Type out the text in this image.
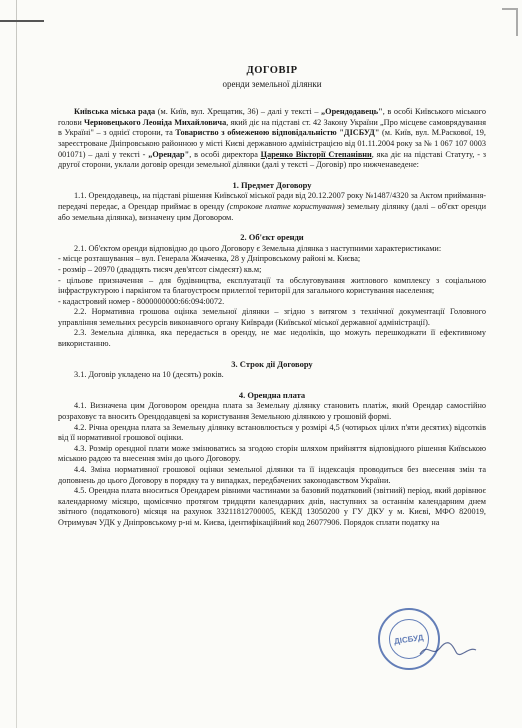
ДОГОВІР

оренди земельної ділянки

Київська міська рада (м. Київ, вул. Хрещатик, 36) – далі у тексті – „Орендодавець", в особі Київського міського голови Черновецького Леоніда Михайловича, який діє на підставі ст. 42 Закону України „Про місцеве самоврядування в Україні" – з однієї сторони, та Товариство з обмеженою відповідальністю "ДІСБУД" (м. Київ, вул. М.Раскової, 19, зареєстроване Дніпровською районною у місті Києві державною адміністрацією від 01.11.2004 року за № 1 067 107 0003 001071) – далі у тексті - „Орендар", в особі директора Царенко Вікторії Степанівни, яка діє на підставі Статуту, - з другої сторони, уклали договір оренди земельної ділянки (далі у тексті – Договір) про нижченаведене:

1. Предмет Договору

1.1. Орендодавець, на підставі рішення Київської міської ради від 20.12.2007 року №1487/4320 за Актом приймання-передачі передає, а Орендар приймає в оренду (строкове платне користування) земельну ділянку (далі – об'єкт оренди або земельна ділянка), визначену цим Договором.

2. Об'єкт оренди

2.1. Об'єктом оренди відповідно до цього Договору є Земельна ділянка з наступними характеристиками:

- місце розташування – вул. Генерала Жмаченка, 28 у Дніпровському районі м. Києва;

- розмір – 20970 (двадцять тисяч дев'ятсот сімдесят) кв.м;

- цільове призначення – для будівництва, експлуатації та обслуговування житлового комплексу з соціальною інфраструктурою і паркінгом та благоустроєм прилеглої території для загального користування населення;

- кадастровий номер - 8000000000:66:094:0072.

2.2. Нормативна грошова оцінка земельної ділянки – згідно з витягом з технічної документації Головного управління земельних ресурсів виконавчого органу Київради (Київської міської державної адміністрації).

2.3. Земельна ділянка, яка передається в оренду, не має недоліків, що можуть перешкоджати її ефективному використанню.

3. Строк дії Договору

3.1. Договір укладено на 10 (десять) років.

4. Орендна плата

4.1. Визначена цим Договором орендна плата за Земельну ділянку становить платіж, який Орендар самостійно розраховує та вносить Орендодавцеві за користування Земельною ділянкою у грошовій формі.

4.2. Річна орендна плата за Земельну ділянку встановлюється у розмірі 4,5 (чотирьох цілих п'яти десятих) відсотків від її нормативної грошової оцінки.

4.3. Розмір орендної плати може змінюватись за згодою сторін шляхом прийняття відповідного рішення Київською міською радою та внесення змін до цього Договору.

4.4. Зміна нормативної грошової оцінки земельної ділянки та її індексація проводиться без внесення змін та доповнень до цього Договору в порядку та у випадках, передбачених законодавством України.

4.5. Орендна плата вноситься Орендарем рівними частинами за базовий податковий (звітний) період, який дорівнює календарному місяцю, щомісячно протягом тридцяти календарних днів, наступних за останнім календарним днем звітного (податкового) місяця на рахунок 33211812700005, КЕКД 13050200 у ГУ ДКУ у м. Києві, МФО 820019, Отримувач УДК у Дніпровському р-ні м. Києва, ідентифікаційний код 26077906. Порядок сплати податку на

ДІСБУД
